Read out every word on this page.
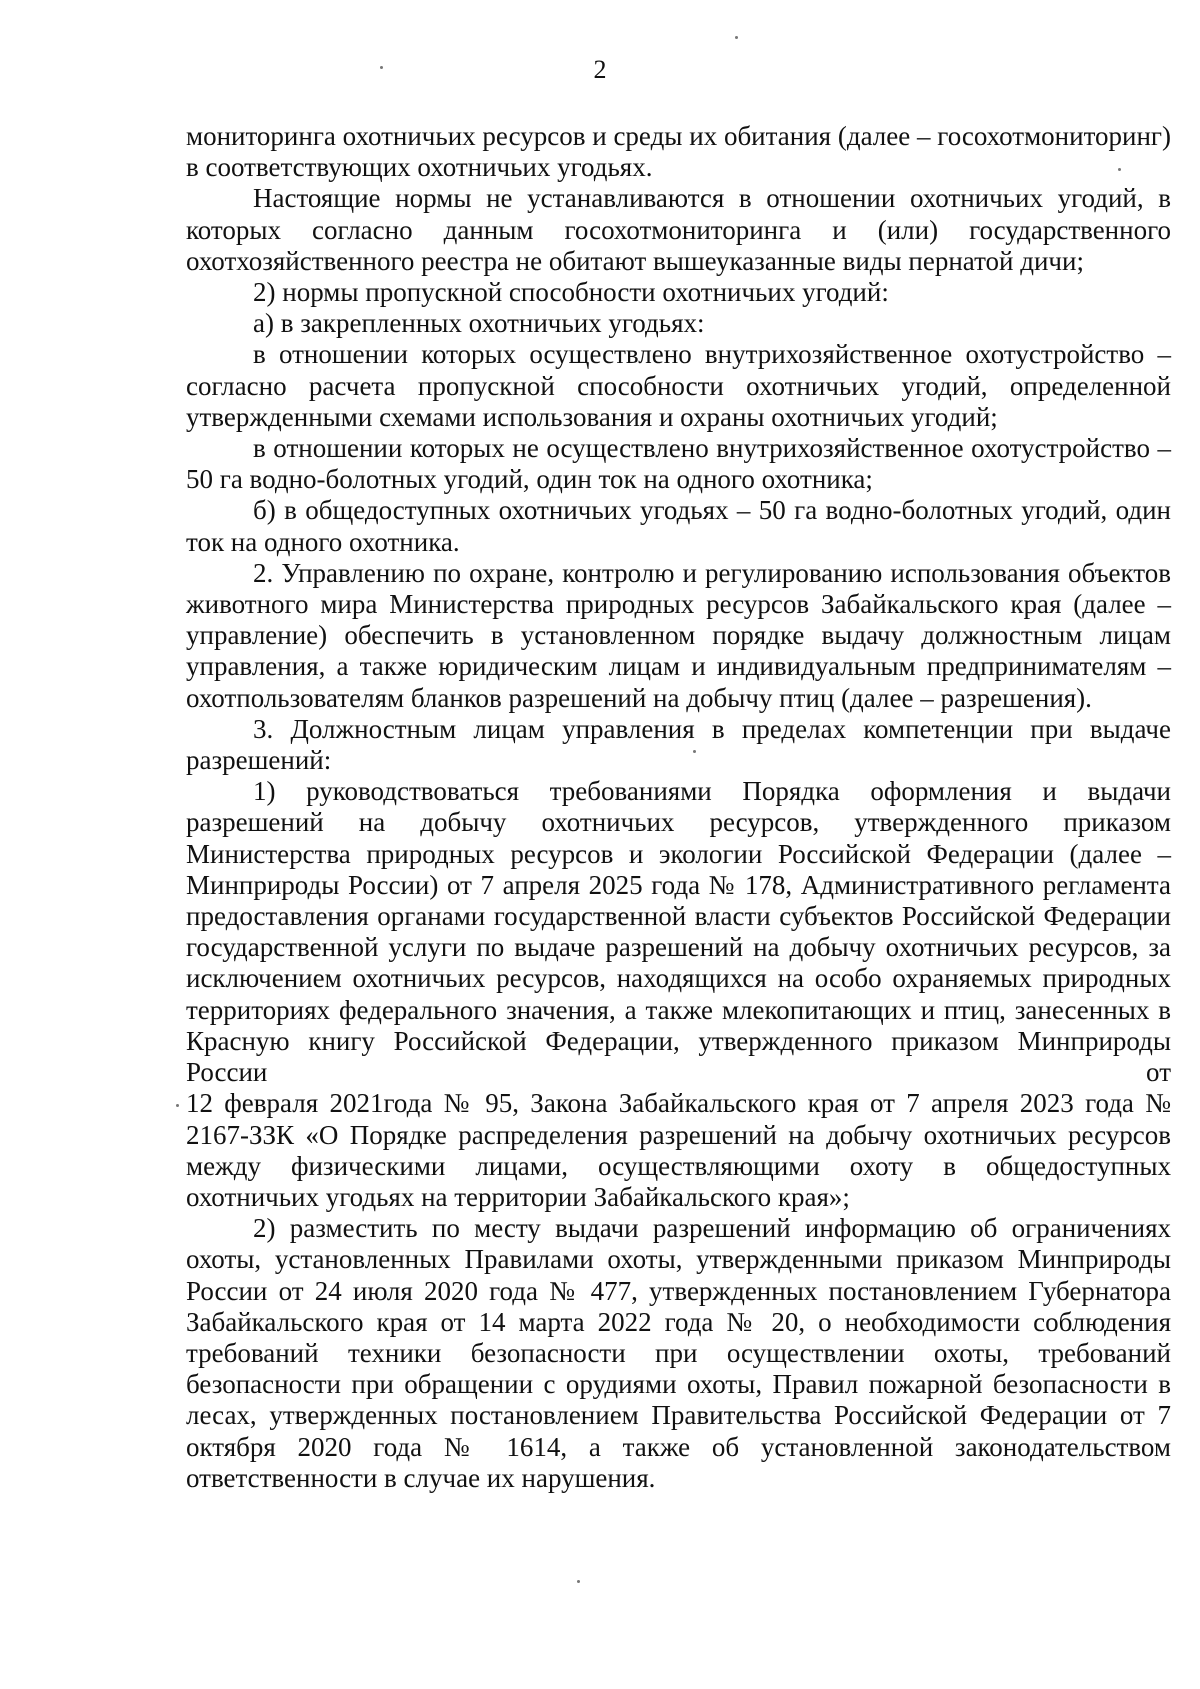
2

мониторинга охотничьих ресурсов и среды их обитания (далее – госохотмониторинг) в соответствующих охотничьих угодьях.

Настоящие нормы не устанавливаются в отношении охотничьих угодий, в которых согласно данным госохотмониторинга и (или) государственного охотхозяйственного реестра не обитают вышеуказанные виды пернатой дичи;

2) нормы пропускной способности охотничьих угодий:

а) в закрепленных охотничьих угодьях:

в отношении которых осуществлено внутрихозяйственное охотустройство – согласно расчета пропускной способности охотничьих угодий, определенной утвержденными схемами использования и охраны охотничьих угодий;

в отношении которых не осуществлено внутрихозяйственное охотустройство – 50 га водно-болотных угодий, один ток на одного охотника;

б) в общедоступных охотничьих угодьях – 50 га водно-болотных угодий, один ток на одного охотника.

2. Управлению по охране, контролю и регулированию использования объектов животного мира Министерства природных ресурсов Забайкальского края (далее – управление) обеспечить в установленном порядке выдачу должностным лицам управления, а также юридическим лицам и индивидуальным предпринимателям – охотпользователям бланков разрешений на добычу птиц (далее – разрешения).

3. Должностным лицам управления в пределах компетенции при выдаче разрешений:

1) руководствоваться требованиями Порядка оформления и выдачи разрешений на добычу охотничьих ресурсов, утвержденного приказом Министерства природных ресурсов и экологии Российской Федерации (далее – Минприроды России) от 7 апреля 2025 года № 178, Административного регламента предоставления органами государственной власти субъектов Российской Федерации государственной услуги по выдаче разрешений на добычу охотничьих ресурсов, за исключением охотничьих ресурсов, находящихся на особо охраняемых природных территориях федерального значения, а также млекопитающих и птиц, занесенных в Красную книгу Российской Федерации, утвержденного приказом Минприроды России от

12 февраля 2021года № 95, Закона Забайкальского края от 7 апреля 2023 года № 2167-ЗЗК «О Порядке распределения разрешений на добычу охотничьих ресурсов между физическими лицами, осуществляющими охоту в общедоступных охотничьих угодьях на территории Забайкальского края»;

2) разместить по месту выдачи разрешений информацию об ограничениях охоты, установленных Правилами охоты, утвержденными приказом Минприроды России от 24 июля 2020 года № 477, утвержденных постановлением Губернатора Забайкальского края от 14 марта 2022 года № 20, о необходимости соблюдения требований техники безопасности при осуществлении охоты, требований безопасности при обращении с орудиями охоты, Правил пожарной безопасности в лесах, утвержденных постановлением Правительства Российской Федерации от 7 октября 2020 года № 1614, а также об установленной законодательством ответственности в случае их нарушения.
